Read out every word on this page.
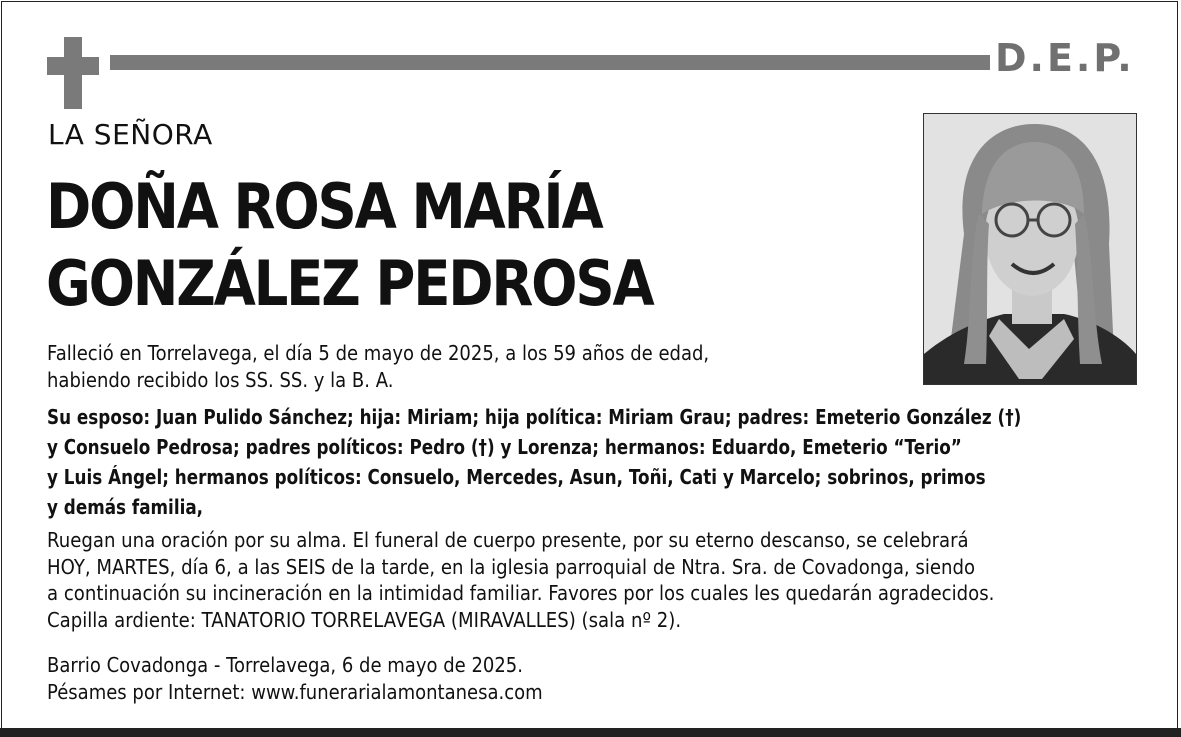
D.E.P.
LA SEÑORA
DOÑA ROSA MARÍA
GONZÁLEZ PEDROSA
Falleció en Torrelavega, el día 5 de mayo de 2025, a los 59 años de edad,
habiendo recibido los SS. SS. y la B. A.
Su esposo: Juan Pulido Sánchez; hija: Miriam; hija política: Miriam Grau; padres: Emeterio González (†)
y Consuelo Pedrosa; padres políticos: Pedro (†) y Lorenza; hermanos: Eduardo, Emeterio “Terio”
y Luis Ángel; hermanos políticos: Consuelo, Mercedes, Asun, Toñi, Cati y Marcelo; sobrinos, primos
y demás familia,
Ruegan una oración por su alma. El funeral de cuerpo presente, por su eterno descanso, se celebrará
HOY, MARTES, día 6, a las SEIS de la tarde, en la iglesia parroquial de Ntra. Sra. de Covadonga, siendo
a continuación su incineración en la intimidad familiar. Favores por los cuales les quedarán agradecidos.
Capilla ardiente: TANATORIO TORRELAVEGA (MIRAVALLES) (sala nº 2).
Barrio Covadonga - Torrelavega, 6 de mayo de 2025.
Pésames por Internet: www.funerarialamontanesa.com
